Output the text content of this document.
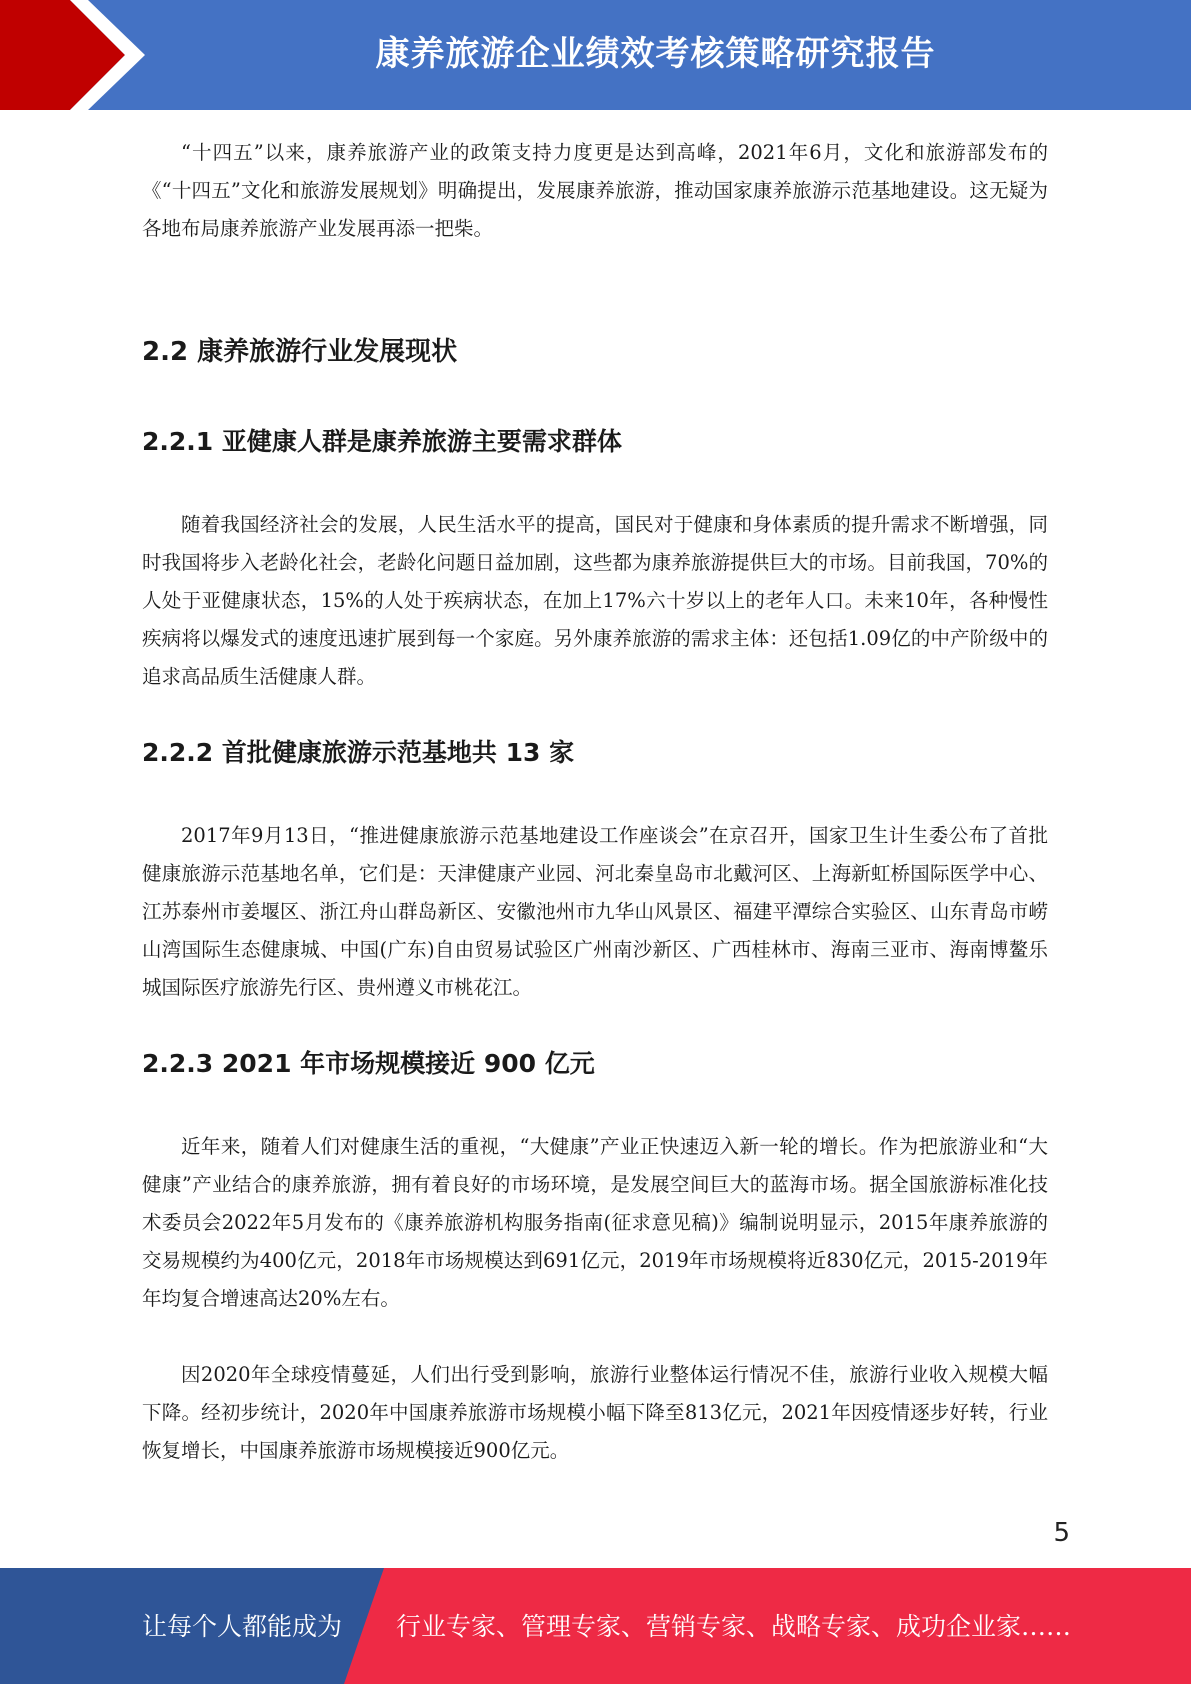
康养旅游企业绩效考核策略研究报告

“十四五”以来，康养旅游产业的政策支持力度更是达到高峰，2021年6月，文化和旅游部发布的《“十四五”文化和旅游发展规划》明确提出，发展康养旅游，推动国家康养旅游示范基地建设。这无疑为各地布局康养旅游产业发展再添一把柴。

2.2 康养旅游行业发展现状
2.2.1 亚健康人群是康养旅游主要需求群体

随着我国经济社会的发展，人民生活水平的提高，国民对于健康和身体素质的提升需求不断增强，同时我国将步入老龄化社会，老龄化问题日益加剧，这些都为康养旅游提供巨大的市场。目前我国，70%的人处于亚健康状态，15%的人处于疾病状态，在加上17%六十岁以上的老年人口。未来10年，各种慢性疾病将以爆发式的速度迅速扩展到每一个家庭。另外康养旅游的需求主体：还包括1.09亿的中产阶级中的追求高品质生活健康人群。

2.2.2 首批健康旅游示范基地共 13 家

2017年9月13日，“推进健康旅游示范基地建设工作座谈会”在京召开，国家卫生计生委公布了首批健康旅游示范基地名单，它们是：天津健康产业园、河北秦皇岛市北戴河区、上海新虹桥国际医学中心、江苏泰州市姜堰区、浙江舟山群岛新区、安徽池州市九华山风景区、福建平潭综合实验区、山东青岛市崂山湾国际生态健康城、中国(广东)自由贸易试验区广州南沙新区、广西桂林市、海南三亚市、海南博鳌乐城国际医疗旅游先行区、贵州遵义市桃花江。

2.2.3 2021 年市场规模接近 900 亿元

近年来，随着人们对健康生活的重视，“大健康”产业正快速迈入新一轮的增长。作为把旅游业和“大健康”产业结合的康养旅游，拥有着良好的市场环境，是发展空间巨大的蓝海市场。据全国旅游标准化技术委员会2022年5月发布的《康养旅游机构服务指南(征求意见稿)》编制说明显示，2015年康养旅游的交易规模约为400亿元，2018年市场规模达到691亿元，2019年市场规模将近830亿元，2015-2019年年均复合增速高达20%左右。

因2020年全球疫情蔓延，人们出行受到影响，旅游行业整体运行情况不佳，旅游行业收入规模大幅下降。经初步统计，2020年中国康养旅游市场规模小幅下降至813亿元，2021年因疫情逐步好转，行业恢复增长，中国康养旅游市场规模接近900亿元。

5
让每个人都能成为 行业专家、管理专家、营销专家、战略专家、成功企业家……
